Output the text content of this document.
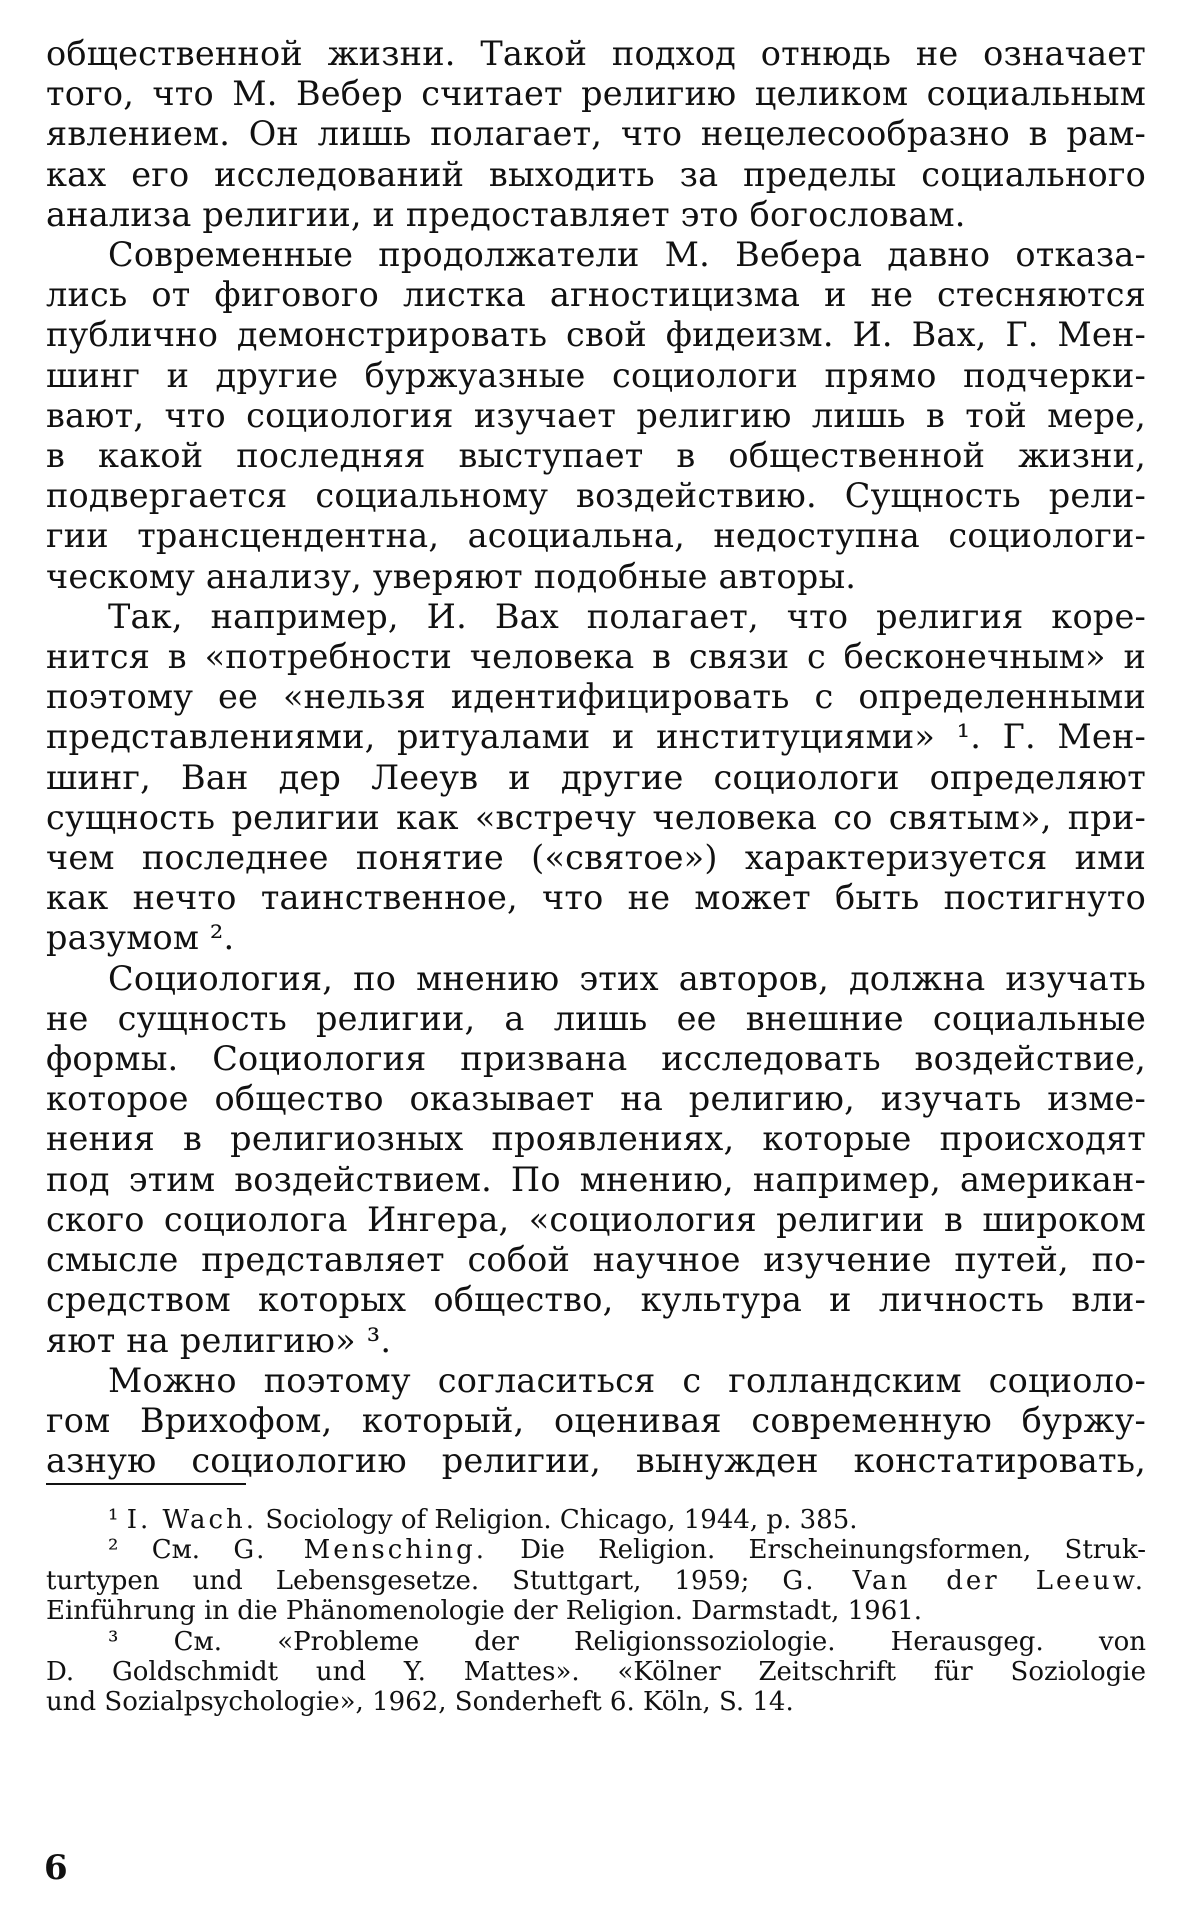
общественной жизни. Такой подход отнюдь не означает
того, что М. Вебер считает религию целиком социальным
явлением. Он лишь полагает, что нецелесообразно в рам-
ках его исследований выходить за пределы социального
анализа религии, и предоставляет это богословам.
Современные продолжатели М. Вебера давно отказа-
лись от фигового листка агностицизма и не стесняются
публично демонстрировать свой фидеизм. И. Вах, Г. Мен-
шинг и другие буржуазные социологи прямо подчерки-
вают, что социология изучает религию лишь в той мере,
в какой последняя выступает в общественной жизни,
подвергается социальному воздействию. Сущность рели-
гии трансцендентна, асоциальна, недоступна социологи-
ческому анализу, уверяют подобные авторы.
Так, например, И. Вах полагает, что религия коре-
нится в «потребности человека в связи с бесконечным» и
поэтому ее «нельзя идентифицировать с определенными
представлениями, ритуалами и институциями» ¹. Г. Мен-
шинг, Ван дер Леeув и другие социологи определяют
сущность религии как «встречу человека со святым», при-
чем последнее понятие («святое») характеризуется ими
как нечто таинственное, что не может быть постигнуто
разумом ².
Социология, по мнению этих авторов, должна изучать
не сущность религии, а лишь ее внешние социальные
формы. Социология призвана исследовать воздействие,
которое общество оказывает на религию, изучать изме-
нения в религиозных проявлениях, которые происходят
под этим воздействием. По мнению, например, американ-
ского социолога Ингера, «социология религии в широком
смысле представляет собой научное изучение путей, по-
средством которых общество, культура и личность вли-
яют на религию» ³.
Можно поэтому согласиться с голландским социоло-
гом Врихофом, который, оценивая современную буржу-
азную социологию религии, вынужден констатировать,
¹ I. Wach. Sociology of Religion. Chicago, 1944, p. 385.
² См. G. Mensching. Die Religion. Erscheinungsformen, Struk-
turtypen und Lebensgesetze. Stuttgart, 1959; G. Van der Leeuw.
Einführung in die Phänomenologie der Religion. Darmstadt, 1961.
³ См. «Probleme der Religionssoziologie. Herausgeg. von
D. Goldschmidt und Y. Mattes». «Kölner Zeitschrift für Soziologie
und Sozialpsychologie», 1962, Sonderheft 6. Köln, S. 14.
6
